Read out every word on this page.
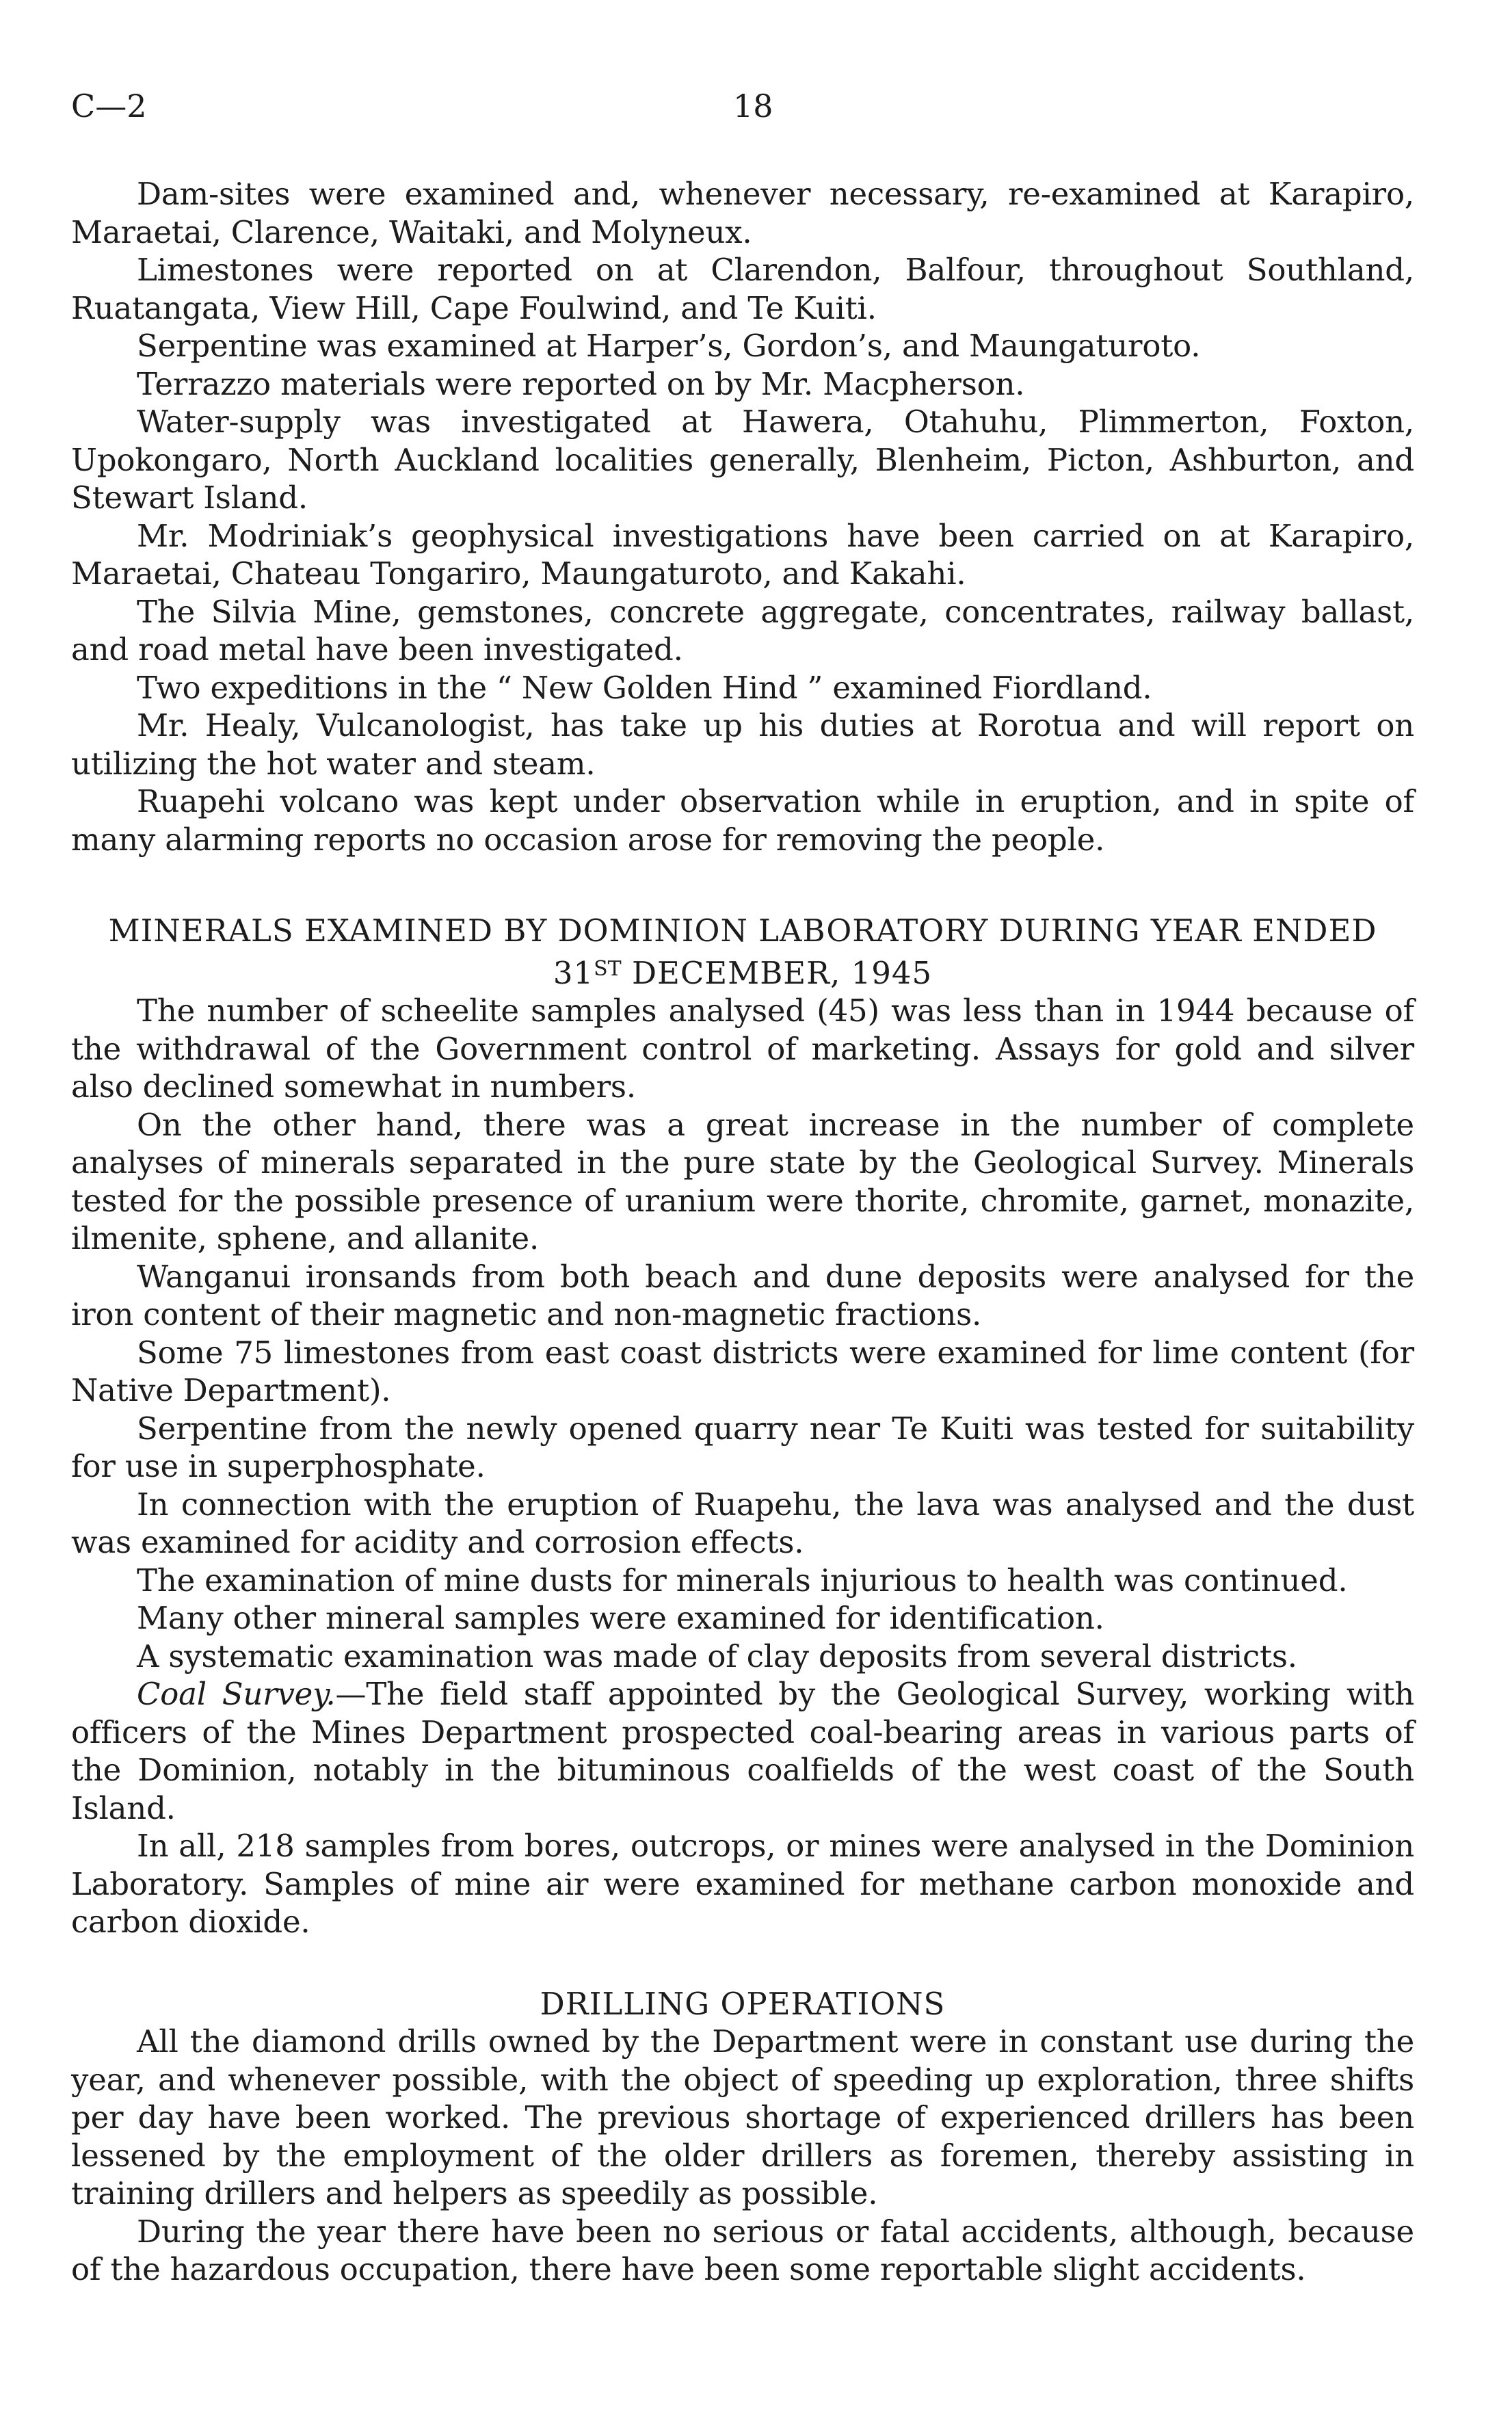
C—2	18

Dam-sites were examined and, whenever necessary, re-examined at Karapiro, Maraetai, Clarence, Waitaki, and Molyneux.

Limestones were reported on at Clarendon, Balfour, throughout Southland, Ruatangata, View Hill, Cape Foulwind, and Te Kuiti.

Serpentine was examined at Harper’s, Gordon’s, and Maungaturoto.

Terrazzo materials were reported on by Mr. Macpherson.

Water-supply was investigated at Hawera, Otahuhu, Plimmerton, Foxton, Upokongaro, North Auckland localities generally, Blenheim, Picton, Ashburton, and Stewart Island.

Mr. Modriniak’s geophysical investigations have been carried on at Karapiro, Maraetai, Chateau Tongariro, Maungaturoto, and Kakahi.

The Silvia Mine, gemstones, concrete aggregate, concentrates, railway ballast, and road metal have been investigated.

Two expeditions in the “ New Golden Hind ” examined Fiordland.

Mr. Healy, Vulcanologist, has take up his duties at Rorotua and will report on utilizing the hot water and steam.

Ruapehi volcano was kept under observation while in eruption, and in spite of many alarming reports no occasion arose for removing the people.

MINERALS EXAMINED BY DOMINION LABORATORY DURING YEAR ENDED
31ST DECEMBER, 1945

The number of scheelite samples analysed (45) was less than in 1944 because of the withdrawal of the Government control of marketing. Assays for gold and silver also declined somewhat in numbers.

On the other hand, there was a great increase in the number of complete analyses of minerals separated in the pure state by the Geological Survey. Minerals tested for the possible presence of uranium were thorite, chromite, garnet, monazite, ilmenite, sphene, and allanite.

Wanganui ironsands from both beach and dune deposits were analysed for the iron content of their magnetic and non-magnetic fractions.

Some 75 limestones from east coast districts were examined for lime content (for Native Department).

Serpentine from the newly opened quarry near Te Kuiti was tested for suitability for use in superphosphate.

In connection with the eruption of Ruapehu, the lava was analysed and the dust was examined for acidity and corrosion effects.

The examination of mine dusts for minerals injurious to health was continued.

Many other mineral samples were examined for identification.

A systematic examination was made of clay deposits from several districts.

Coal Survey.—The field staff appointed by the Geological Survey, working with officers of the Mines Department prospected coal-bearing areas in various parts of the Dominion, notably in the bituminous coalfields of the west coast of the South Island.

In all, 218 samples from bores, outcrops, or mines were analysed in the Dominion Laboratory. Samples of mine air were examined for methane carbon monoxide and carbon dioxide.

DRILLING OPERATIONS

All the diamond drills owned by the Department were in constant use during the year, and whenever possible, with the object of speeding up exploration, three shifts per day have been worked. The previous shortage of experienced drillers has been lessened by the employment of the older drillers as foremen, thereby assisting in training drillers and helpers as speedily as possible.

During the year there have been no serious or fatal accidents, although, because of the hazardous occupation, there have been some reportable slight accidents.
